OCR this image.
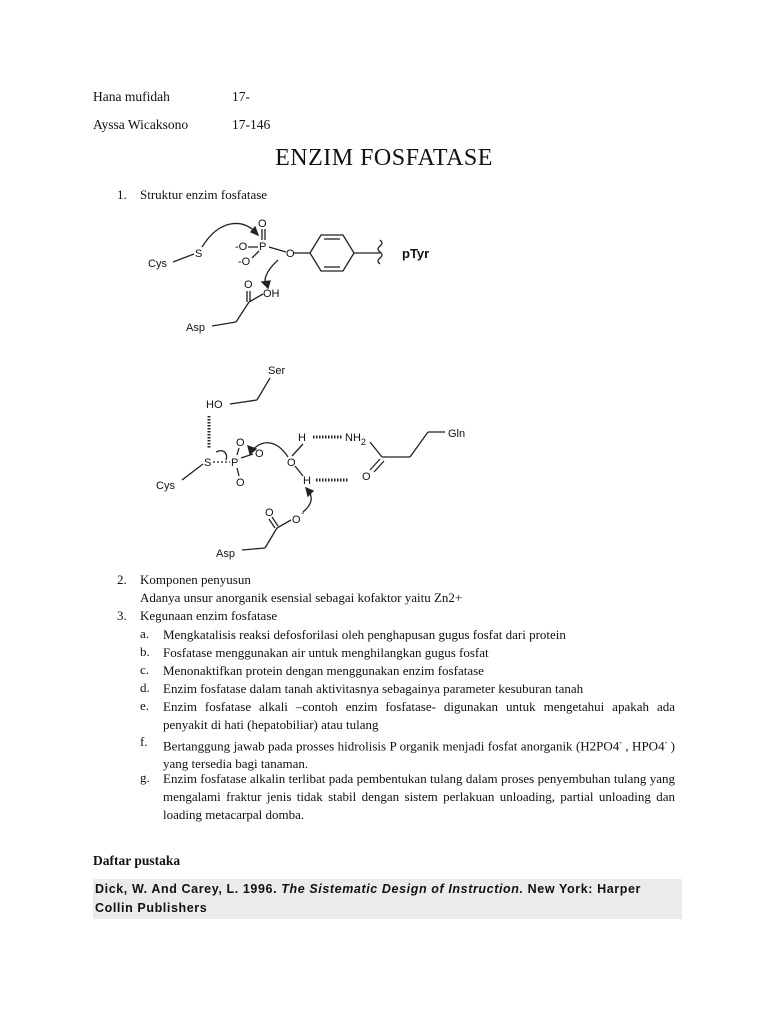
Hana mufidah	17-
Ayssa Wicaksono	17-146
ENZIM FOSFATASE
1. Struktur enzim fosfatase
Cys
S
O
P
-O
-O
O	pTyr
O
OH
Asp
Ser
HO
S
Cys
P
O
O
O
H
O
H
$NH_2$
Gln
O
O
O
-
Asp
2. Komponen penyusun
Adanya unsur anorganik esensial sebagai kofaktor yaitu Zn2+
3. Kegunaan enzim fosfatase
a. Mengkatalisis reaksi defosforilasi oleh penghapusan gugus fosfat dari protein
b. Fosfatase menggunakan air untuk menghilangkan gugus fosfat
c. Menonaktifkan protein dengan menggunakan enzim fosfatase
d. Enzim fosfatase dalam tanah aktivitasnya sebagainya parameter kesuburan tanah
e. Enzim fosfatase alkali –contoh enzim fosfatase- digunakan untuk mengetahui apakah ada penyakit di hati (hepatobiliar) atau tulang
f. Bertanggung jawab pada prosses hidrolisis P organik menjadi fosfat anorganik (H2PO4- , HPO4- ) yang tersedia bagi tanaman.
g. Enzim fosfatase alkalin terlibat pada pembentukan tulang dalam proses penyembuhan tulang yang mengalami fraktur jenis tidak stabil dengan sistem perlakuan unloading, partial unloading dan loading metacarpal domba.
Daftar pustaka
Dick, W. And Carey, L. 1996. The Sistematic Design of Instruction. New York: Harper Collin Publishers
